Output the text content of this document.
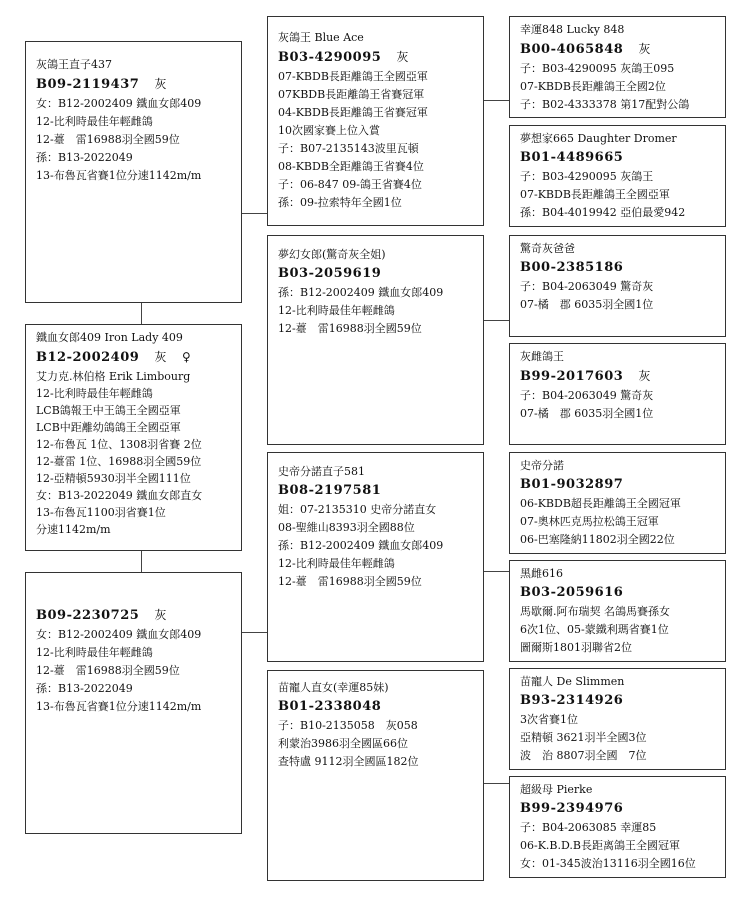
灰鴿王直子437
B09-2119437 灰
女：B12-2002409 鐵血女郎409
12-比利時最佳年輕雌鴿
12-薹　雷16988羽全國59位
孫：B13-2022049
13-布魯瓦省賽1位分速1142m/m
鐵血女郎409 Iron Lady 409
B12-2002409 灰 ♀
艾力克.林伯格 Erik Limbourg
12-比利時最佳年輕雌鴿
LCB鴿報王中王鴿王全國亞軍
LCB中距離幼鴿鴿王全國亞軍
12-布魯瓦 1位、1308羽省賽 2位
12-薹雷 1位、16988羽全國59位
12-亞精頓5930羽半全國111位
女：B13-2022049 鐵血女郎直女
13-布魯瓦1100羽省賽1位
分速1142m/m
B09-2230725 灰
女：B12-2002409 鐵血女郎409
12-比利時最佳年輕雌鴿
12-薹　雷16988羽全國59位
孫：B13-2022049
13-布魯瓦省賽1位分速1142m/m
灰鴿王 Blue Ace
B03-4290095 灰
07-KBDB長距離鴿王全國亞軍
07KBDB長距離鴿王省賽冠軍
04-KBDB長距離鴿王省賽冠軍
10次國家賽上位入賞
子：B07-2135143波里瓦頓
08-KBDB全距離鴿王省賽4位
子：06-847 09-鴿王省賽4位
孫：09-拉索特年全國1位
夢幻女郎(驚奇灰全姐)
B03-2059619
孫：B12-2002409 鐵血女郎409
12-比利時最佳年輕雌鴿
12-薹　雷16988羽全國59位
史帝分諾直子581
B08-2197581
姐：07-2135310 史帝分諾直女
08-聖維山8393羽全國88位
孫：B12-2002409 鐵血女郎409
12-比利時最佳年輕雌鴿
12-薹　雷16988羽全國59位
苗寵人直女(幸運85妹)
B01-2338048
子：B10-2135058　灰058
利蒙治3986羽全國區66位
查特盧 9112羽全國區182位
幸運848 Lucky 848
B00-4065848 灰
子：B03-4290095 灰鴿王095
07-KBDB長距離鴿王全國2位
子：B02-4333378 第17配對公鴿
夢想家665 Daughter Dromer
B01-4489665
子：B03-4290095 灰鴿王
07-KBDB長距離鴿王全國亞軍
孫：B04-4019942 亞伯最愛942
驚奇灰爸爸
B00-2385186
子：B04-2063049 驚奇灰
07-橘　郡 6035羽全國1位
灰雌鴿王
B99-2017603 灰
子：B04-2063049 驚奇灰
07-橘　郡 6035羽全國1位
史帝分諾
B01-9032897
06-KBDB超長距離鴿王全國冠軍
07-奧林匹克馬拉松鴿王冠軍
06-巴塞隆納11802羽全國22位
黑雌616
B03-2059616
馬歇爾.阿布瑞契 名鴿馬賽孫女
6次1位、05-蒙鐵利瑪省賽1位
圖爾斯1801羽聯省2位
苗寵人 De Slimmen
B93-2314926
3次省賽1位
亞精頓 3621羽半全國3位
波　治 8807羽全國　7位
超級母 Pierke
B99-2394976
子：B04-2063085 幸運85
06-K.B.D.B長距离鴿王全國冠軍
女：01-345波治13116羽全國16位
